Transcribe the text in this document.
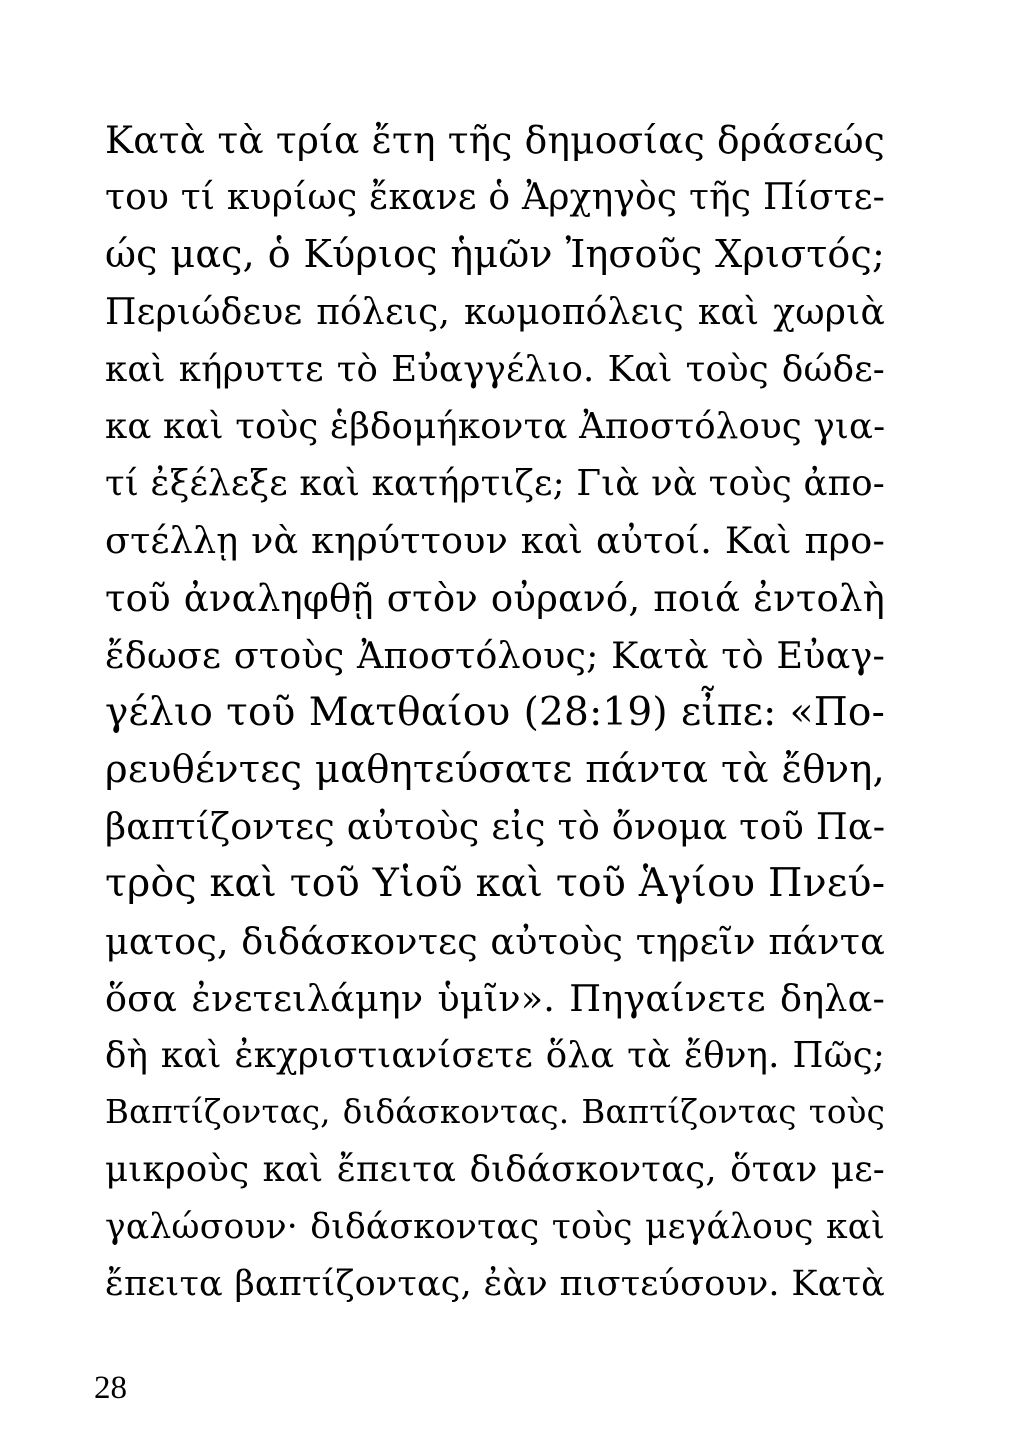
Κατὰ τὰ τρία ἔτη τῆς δημοσίας δράσεώς
του τί κυρίως ἔκανε ὁ Ἀρχηγὸς τῆς Πίστε-
ώς μας, ὁ Κύριος ἡμῶν Ἰησοῦς Χριστός;
Περιώδευε πόλεις, κωμοπόλεις καὶ χωριὰ
καὶ κήρυττε τὸ Εὐαγγέλιο. Καὶ τοὺς δώδε-
κα καὶ τοὺς ἑβδομήκοντα Ἀποστόλους για-
τί ἐξέλεξε καὶ κατήρτιζε; Γιὰ νὰ τοὺς ἀπο-
στέλλῃ νὰ κηρύττουν καὶ αὐτοί. Καὶ προ-
τοῦ ἀναληφθῇ στὸν οὐρανό, ποιά ἐντολὴ
ἔδωσε στοὺς Ἀποστόλους; Κατὰ τὸ Εὐαγ-
γέλιο τοῦ Ματθαίου (28:19) εἶπε: «Πο-
ρευθέντες μαθητεύσατε πάντα τὰ ἔθνη,
βαπτίζοντες αὐτοὺς εἰς τὸ ὄνομα τοῦ Πα-
τρὸς καὶ τοῦ Υἱοῦ καὶ τοῦ Ἁγίου Πνεύ-
ματος, διδάσκοντες αὐτοὺς τηρεῖν πάντα
ὅσα ἐνετειλάμην ὑμῖν». Πηγαίνετε δηλα-
δὴ καὶ ἐκχριστιανίσετε ὅλα τὰ ἔθνη. Πῶς;
Βαπτίζοντας, διδάσκοντας. Βαπτίζοντας τοὺς
μικροὺς καὶ ἔπειτα διδάσκοντας, ὅταν με-
γαλώσουν· διδάσκοντας τοὺς μεγάλους καὶ
ἔπειτα βαπτίζοντας, ἐὰν πιστεύσουν. Κατὰ
28
